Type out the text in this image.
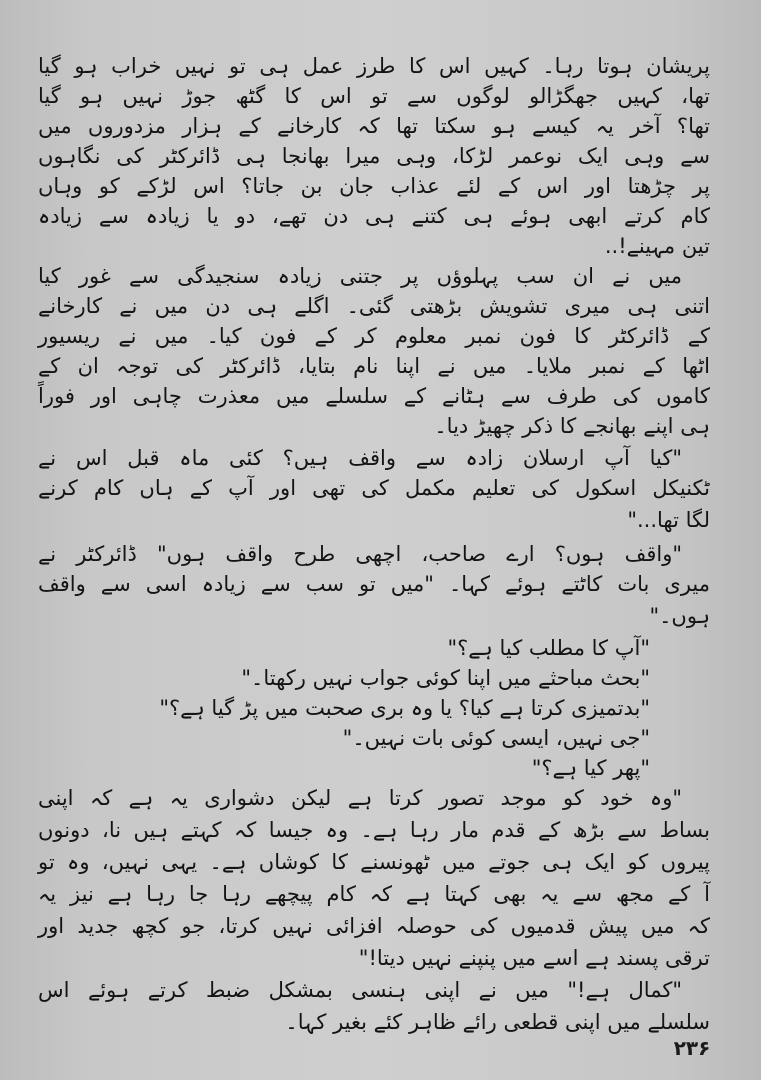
پریشان ہوتا رہا۔ کہیں اس کا طرز عمل ہی تو نہیں خراب ہو گیا
تھا، کہیں جھگڑالو لوگوں سے تو اس کا گٹھ جوڑ نہیں ہو گیا
تھا؟ آخر یہ کیسے ہو سکتا تھا کہ کارخانے کے ہزار مزدوروں میں
سے وہی ایک نوعمر لڑکا، وہی میرا بھانجا ہی ڈائرکٹر کی نگاہوں
پر چڑھتا اور اس کے لئے عذاب جان بن جاتا؟ اس لڑکے کو وہاں
کام کرتے ابھی ہوئے ہی کتنے ہی دن تھے، دو یا زیادہ سے زیادہ
تین مہینے!..
میں نے ان سب پہلوؤں پر جتنی زیادہ سنجیدگی سے غور کیا
اتنی ہی میری تشویش بڑھتی گئی۔ اگلے ہی دن میں نے کارخانے
کے ڈائرکٹر کا فون نمبر معلوم کر کے فون کیا۔ میں نے ریسیور
اٹھا کے نمبر ملایا۔ میں نے اپنا نام بتایا، ڈائرکٹر کی توجہ ان کے
کاموں کی طرف سے ہٹانے کے سلسلے میں معذرت چاہی اور فوراً
ہی اپنے بھانجے کا ذکر چھیڑ دیا۔
"کیا آپ ارسلان زادہ سے واقف ہیں؟ کئی ماہ قبل اس نے
ٹکنیکل اسکول کی تعلیم مکمل کی تھی اور آپ کے ہاں کام کرنے
لگا تھا..."
"واقف ہوں؟ ارے صاحب، اچھی طرح واقف ہوں" ڈائرکٹر نے
میری بات کاٹتے ہوئے کہا۔ "میں تو سب سے زیادہ اسی سے واقف
ہوں۔"
"آپ کا مطلب کیا ہے؟"
"بحث مباحثے میں اپنا کوئی جواب نہیں رکھتا۔"
"بدتمیزی کرتا ہے کیا؟ یا وہ بری صحبت میں پڑ گیا ہے؟"
"جی نہیں، ایسی کوئی بات نہیں۔"
"پھر کیا ہے؟"
"وہ خود کو موجد تصور کرتا ہے لیکن دشواری یہ ہے کہ اپنی
بساط سے بڑھ کے قدم مار رہا ہے۔ وہ جیسا کہ کہتے ہیں نا، دونوں
پیروں کو ایک ہی جوتے میں ٹھونسنے کا کوشاں ہے۔ یہی نہیں، وہ تو
آ کے مجھ سے یہ بھی کہتا ہے کہ کام پیچھے رہا جا رہا ہے نیز یہ
کہ میں پیش قدمیوں کی حوصلہ افزائی نہیں کرتا، جو کچھ جدید اور
ترقی پسند ہے اسے میں پنپنے نہیں دیتا!"
"کمال ہے!" میں نے اپنی ہنسی بمشکل ضبط کرتے ہوئے اس
سلسلے میں اپنی قطعی رائے ظاہر کئے بغیر کہا۔
۲۳۶
